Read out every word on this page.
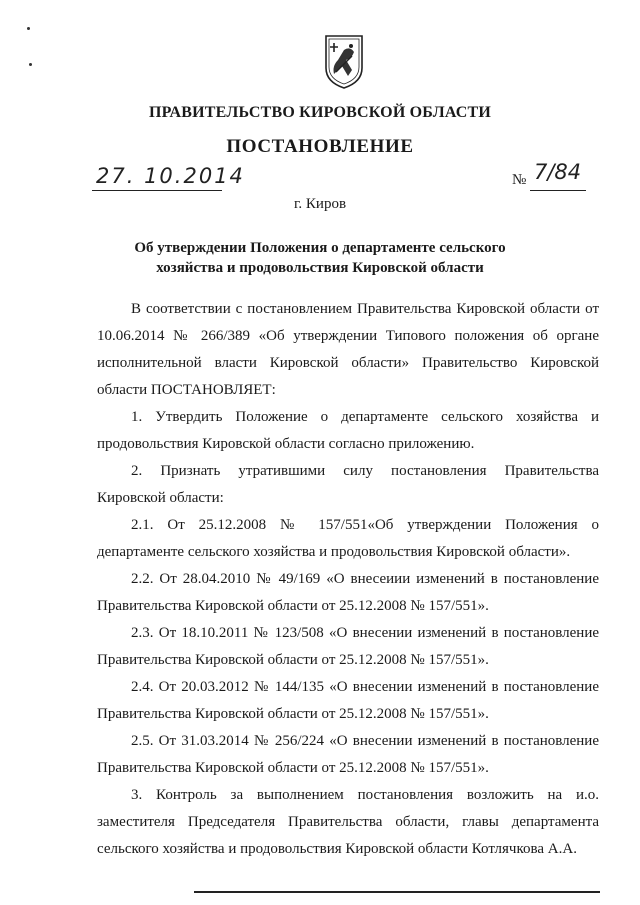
ПРАВИТЕЛЬСТВО КИРОВСКОЙ ОБЛАСТИ
ПОСТАНОВЛЕНИЕ
27. 10.2014	№ 7/84
г. Киров
Об утверждении Положения о департаменте сельского
хозяйства и продовольствия Кировской области

В соответствии с постановлением Правительства Кировской области от 10.06.2014 № 266/389 «Об утверждении Типового положения об органе исполнительной власти Кировской области» Правительство Кировской области ПОСТАНОВЛЯЕТ:

1. Утвердить Положение о департаменте сельского хозяйства и продовольствия Кировской области согласно приложению.

2. Признать утратившими силу постановления Правительства Кировской области:

2.1. От 25.12.2008 № 157/551«Об утверждении Положения о департаменте сельского хозяйства и продовольствия Кировской области».

2.2. От 28.04.2010 № 49/169 «О внесеиии изменений в постановление Правительства Кировской области от 25.12.2008 № 157/551».

2.3. От 18.10.2011 № 123/508 «О внесении изменений в постановление Правительства Кировской области от 25.12.2008 № 157/551».

2.4. От 20.03.2012 № 144/135 «О внесении изменений в постановление Правительства Кировской области от 25.12.2008 № 157/551».

2.5. От 31.03.2014 № 256/224 «О внесении изменений в постановление Правительства Кировской области от 25.12.2008 № 157/551».

3. Контроль за выполнением постановления возложить на и.о. заместителя Председателя Правительства области, главы департамента сельского хозяйства и продовольствия Кировской области Котлячкова А.А.
